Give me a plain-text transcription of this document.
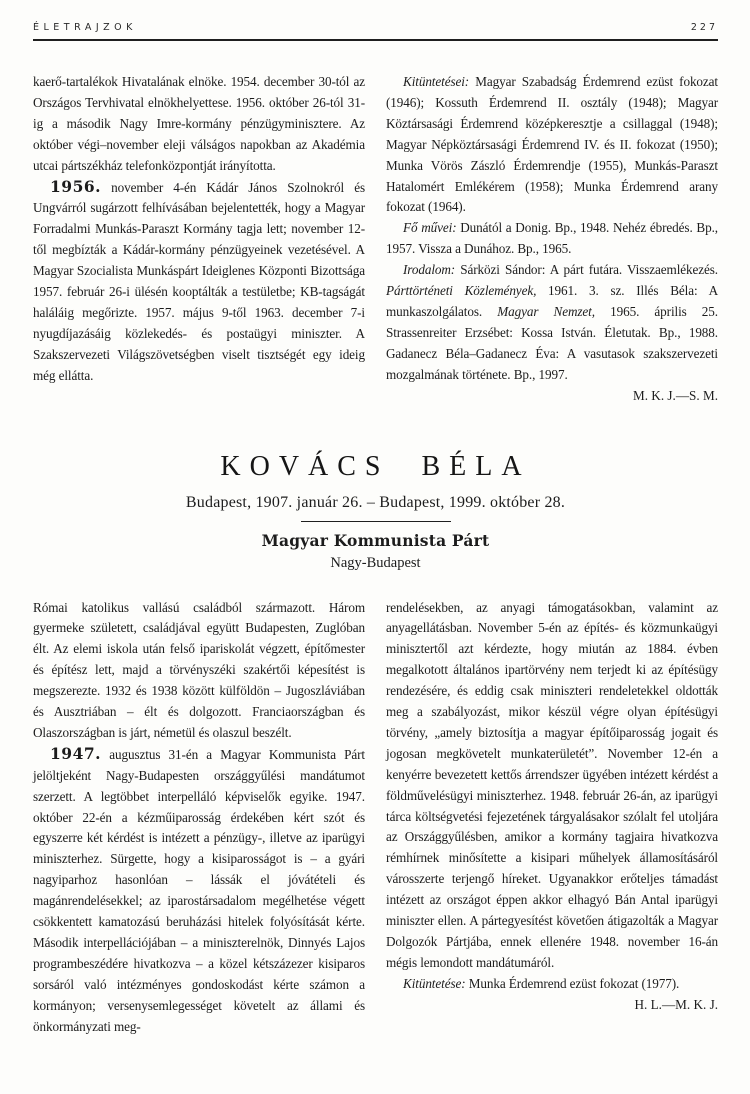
ÉLETRAJZOK	227

kaerő-tartalékok Hivatalának elnöke. 1954. december 30-tól az Országos Tervhivatal elnökhelyettese. 1956. október 26-tól 31-ig a második Nagy Imre-kormány pénzügyminisztere. Az október végi–november eleji válságos napokban az Akadémia utcai pártszékház telefonközpontját irányította.

1956. november 4-én Kádár János Szolnokról és Ungvárról sugárzott felhívásában bejelentették, hogy a Magyar Forradalmi Munkás-Paraszt Kormány tagja lett; november 12-től megbízták a Kádár-kormány pénzügyeinek vezetésével. A Magyar Szocialista Munkáspárt Ideiglenes Központi Bizottsága 1957. február 26-i ülésén kooptálták a testületbe; KB-tagságát haláláig megőrizte. 1957. május 9-től 1963. december 7-i nyugdíjazásáig közlekedés- és postaügyi miniszter. A Szakszervezeti Világszövetségben viselt tisztségét egy ideig még ellátta.

Kitüntetései: Magyar Szabadság Érdemrend ezüst fokozat (1946); Kossuth Érdemrend II. osztály (1948); Magyar Köztársasági Érdemrend középkeresztje a csillaggal (1948); Magyar Népköztársasági Érdemrend IV. és II. fokozat (1950); Munka Vörös Zászló Érdemrendje (1955), Munkás-Paraszt Hatalomért Emlékérem (1958); Munka Érdemrend arany fokozat (1964).

Fő művei: Dunától a Donig. Bp., 1948. Nehéz ébredés. Bp., 1957. Vissza a Dunához. Bp., 1965.

Irodalom: Sárközi Sándor: A párt futára. Visszaemlékezés. Párttörténeti Közlemények, 1961. 3. sz. Illés Béla: A munkaszolgálatos. Magyar Nemzet, 1965. április 25. Strassenreiter Erzsébet: Kossa István. Életutak. Bp., 1988. Gadanecz Béla–Gadanecz Éva: A vasutasok szakszervezeti mozgalmának története. Bp., 1997.

M. K. J.—S. M.

KOVÁCS BÉLA

Budapest, 1907. január 26. – Budapest, 1999. október 28.

Magyar Kommunista Párt

Nagy-Budapest

Római katolikus vallású családból származott. Három gyermeke született, családjával együtt Budapesten, Zuglóban élt. Az elemi iskola után felső ipariskolát végzett, építőmester és építész lett, majd a törvényszéki szakértői képesítést is megszerezte. 1932 és 1938 között külföldön – Jugoszláviában és Ausztriában – élt és dolgozott. Franciaországban és Olaszországban is járt, németül és olaszul beszélt.

1947. augusztus 31-én a Magyar Kommunista Párt jelöltjeként Nagy-Budapesten országgyűlési mandátumot szerzett. A legtöbbet interpelláló képviselők egyike. 1947. október 22-én a kézműiparosság érdekében kért szót és egyszerre két kérdést is intézett a pénzügy-, illetve az iparügyi miniszterhez. Sürgette, hogy a kisiparosságot is – a gyári nagyiparhoz hasonlóan – lássák el jóvátételi és magánrendelésekkel; az iparostársadalom megélhetése végett csökkentett kamatozású beruházási hitelek folyósítását kérte. Második interpellációjában – a miniszterelnök, Dinnyés Lajos programbeszédére hivatkozva – a közel kétszázezer kisiparos sorsáról való intézményes gondoskodást kérte számon a kormányon; versenysemlegességet követelt az állami és önkormányzati meg-

rendelésekben, az anyagi támogatásokban, valamint az anyagellátásban. November 5-én az építés- és közmunkaügyi minisztertől azt kérdezte, hogy miután az 1884. évben megalkotott általános ipartörvény nem terjedt ki az építésügy rendezésére, és eddig csak miniszteri rendeletekkel oldották meg a szabályozást, mikor készül végre olyan építésügyi törvény, „amely biztosítja a magyar építőiparosság jogait és jogosan megkövetelt munkaterületét”. November 12-én a kenyérre bevezetett kettős árrendszer ügyében intézett kérdést a földművelésügyi miniszterhez. 1948. február 26-án, az iparügyi tárca költségvetési fejezetének tárgyalásakor szólalt fel utoljára az Országgyűlésben, amikor a kormány tagjaira hivatkozva rémhírnek minősítette a kisipari műhelyek államosításáról városszerte terjengő híreket. Ugyanakkor erőteljes támadást intézett az országot éppen akkor elhagyó Bán Antal iparügyi miniszter ellen. A pártegyesítést követően átigazolták a Magyar Dolgozók Pártjába, ennek ellenére 1948. november 16-án mégis lemondott mandátumáról.

Kitüntetése: Munka Érdemrend ezüst fokozat (1977).

H. L.—M. K. J.
